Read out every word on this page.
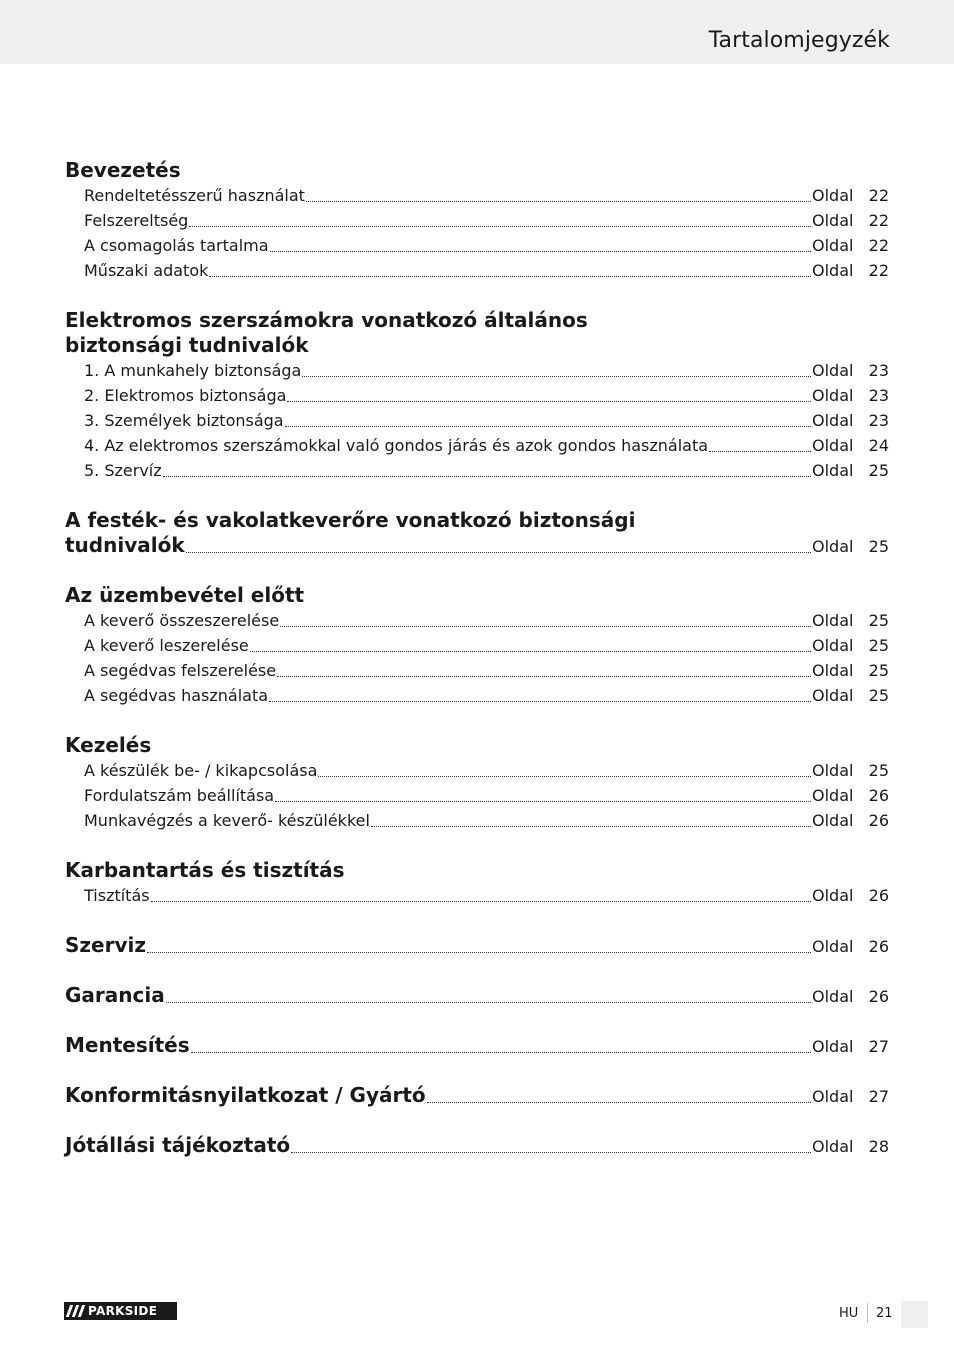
Tartalomjegyzék
Bevezetés
Rendeltetésszerű használat	Oldal 22
Felszereltség	Oldal 22
A csomagolás tartalma	Oldal 22
Műszaki adatok	Oldal 22
Elektromos szerszámokra vonatkozó általános
biztonsági tudnivalók
1. A munkahely biztonsága	Oldal 23
2. Elektromos biztonsága	Oldal 23
3. Személyek biztonsága	Oldal 23
4. Az elektromos szerszámokkal való gondos járás és azok gondos használata	Oldal 24
5. Szervíz	Oldal 25
A festék- és vakolatkeverőre vonatkozó biztonsági
tudnivalók	Oldal 25
Az üzembevétel előtt
A keverő összeszerelése	Oldal 25
A keverő leszerelése	Oldal 25
A segédvas felszerelése	Oldal 25
A segédvas használata	Oldal 25
Kezelés
A készülék be- / kikapcsolása	Oldal 25
Fordulatszám beállítása	Oldal 26
Munkavégzés a keverő- készülékkel	Oldal 26
Karbantartás és tisztítás
Tisztítás	Oldal 26
Szerviz	Oldal 26
Garancia	Oldal 26
Mentesítés	Oldal 27
Konformitásnyilatkozat / Gyártó	Oldal 27
Jótállási tájékoztató	Oldal 28
PARKSIDE	HU 21
